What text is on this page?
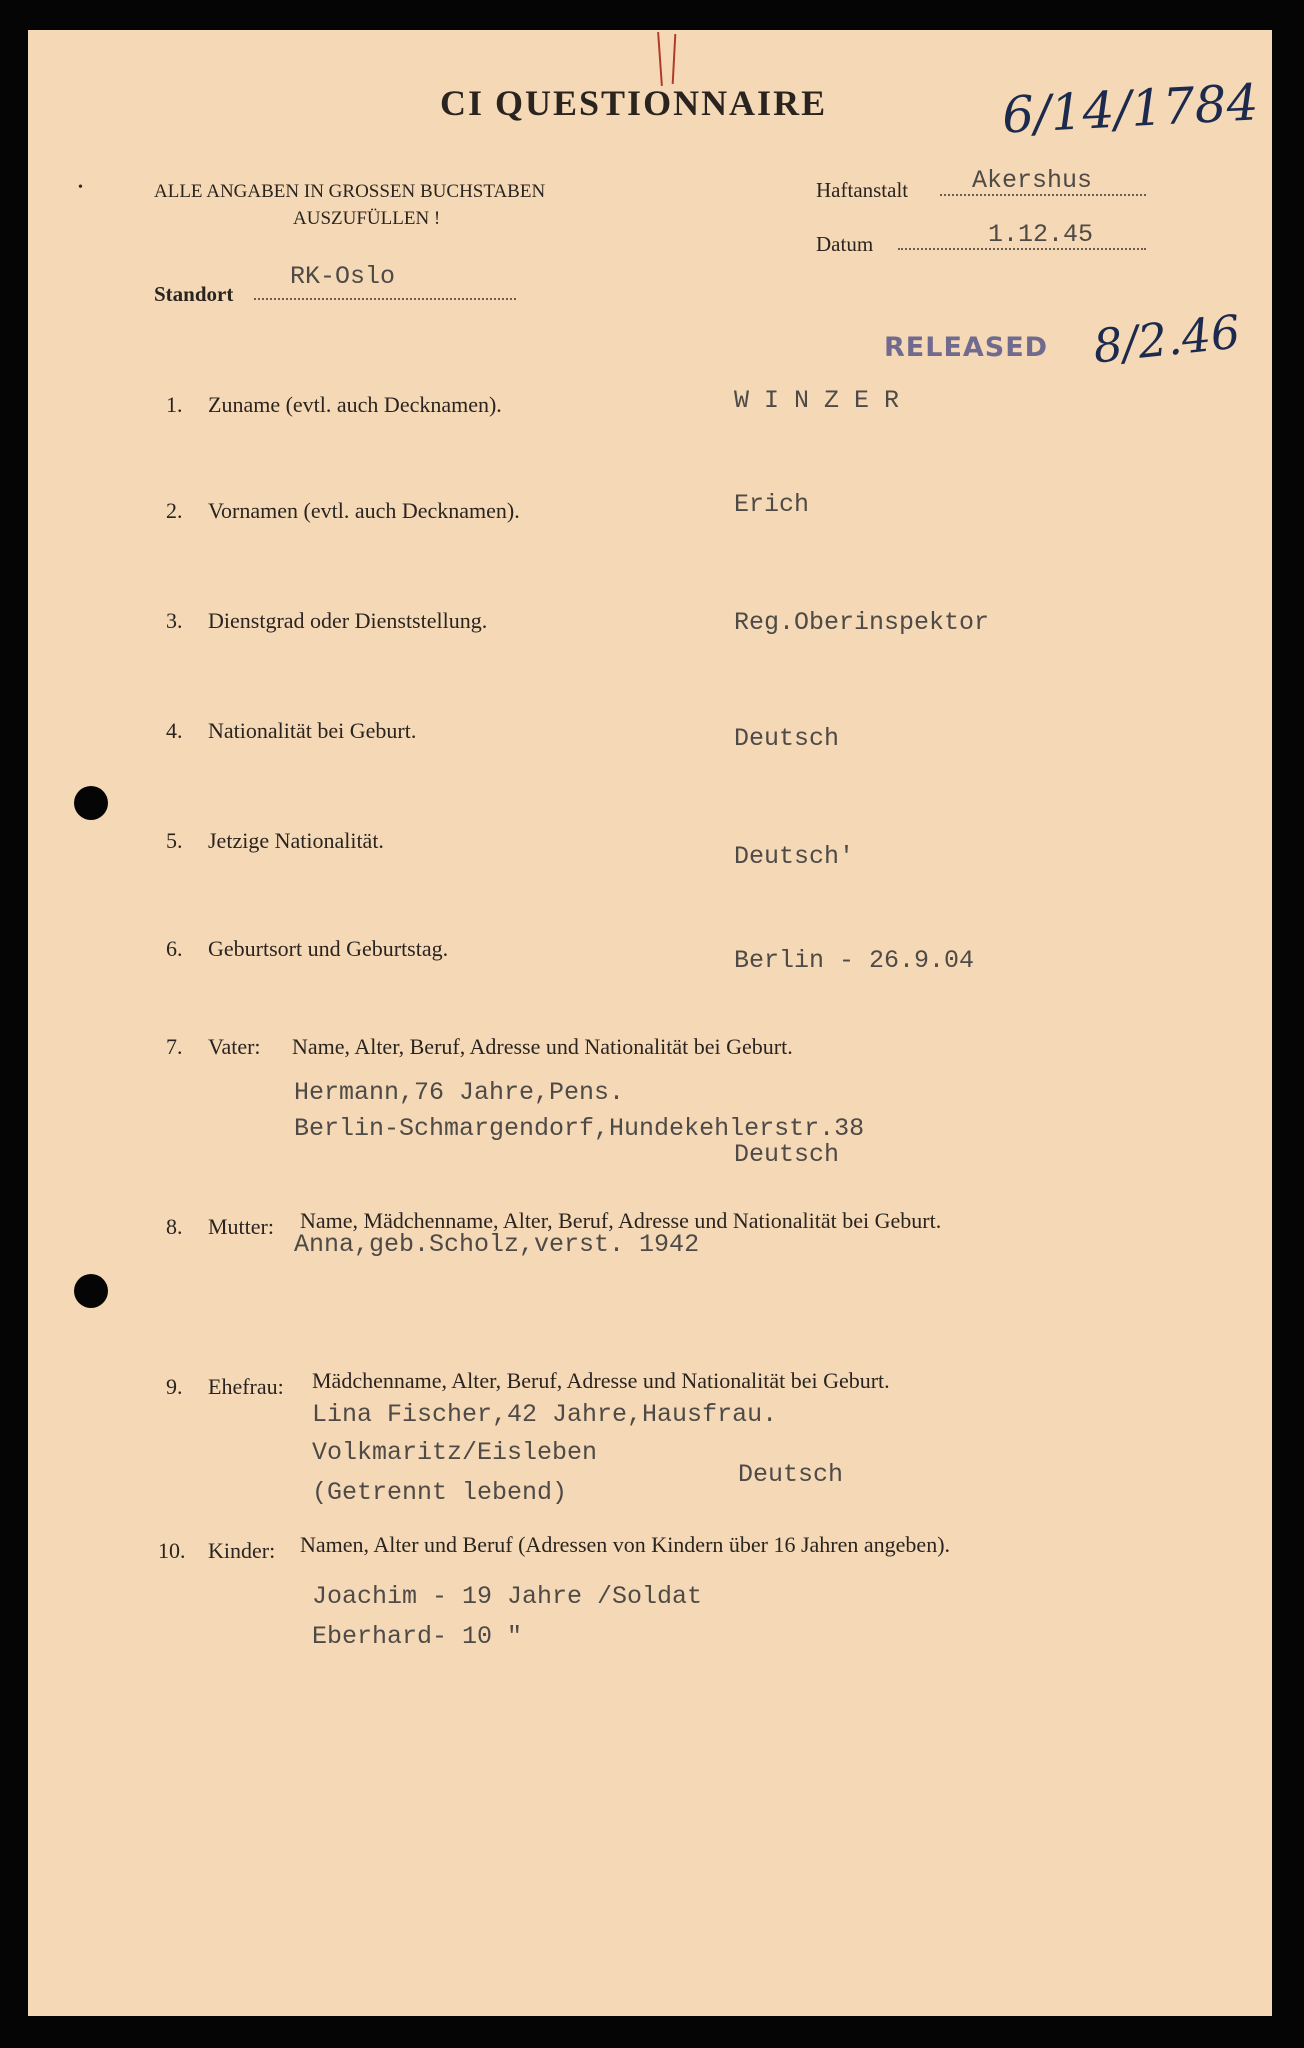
CI QUESTIONNAIRE	6/14/1784
•	ALLE ANGABEN IN GROSSEN BUCHSTABEN
AUSZUFÜLLEN !
Haftanstalt	Akershus
Datum	1.12.45
Standort
RK-Oslo
RELEASED 8/2.46
1. Zuname (evtl. auch Decknamen).	W I N Z E R
2. Vornamen (evtl. auch Decknamen).	Erich
3. Dienstgrad oder Dienststellung.	Reg.Oberinspektor
4. Nationalität bei Geburt.	Deutsch
5. Jetzige Nationalität.
Deutsch'
6. Geburtsort und Geburtstag.	Berlin - 26.9.04
7. Vater: Name, Alter, Beruf, Adresse und Nationalität bei Geburt.
Hermann,76 Jahre,Pens.
Berlin-Schmargendorf,Hundekehlerstr.38
Deutsch
8. Mutter: Name, Mädchenname, Alter, Beruf, Adresse und Nationalität bei Geburt.
Anna,geb.Scholz,verst. 1942
9. Ehefrau: Mädchenname, Alter, Beruf, Adresse und Nationalität bei Geburt.
Lina Fischer,42 Jahre,Hausfrau.
Volkmaritz/Eisleben
(Getrennt lebend)
Deutsch
10. Kinder: Namen, Alter und Beruf (Adressen von Kindern über 16 Jahren angeben).
Joachim - 19 Jahre /Soldat
Eberhard- 10 "
